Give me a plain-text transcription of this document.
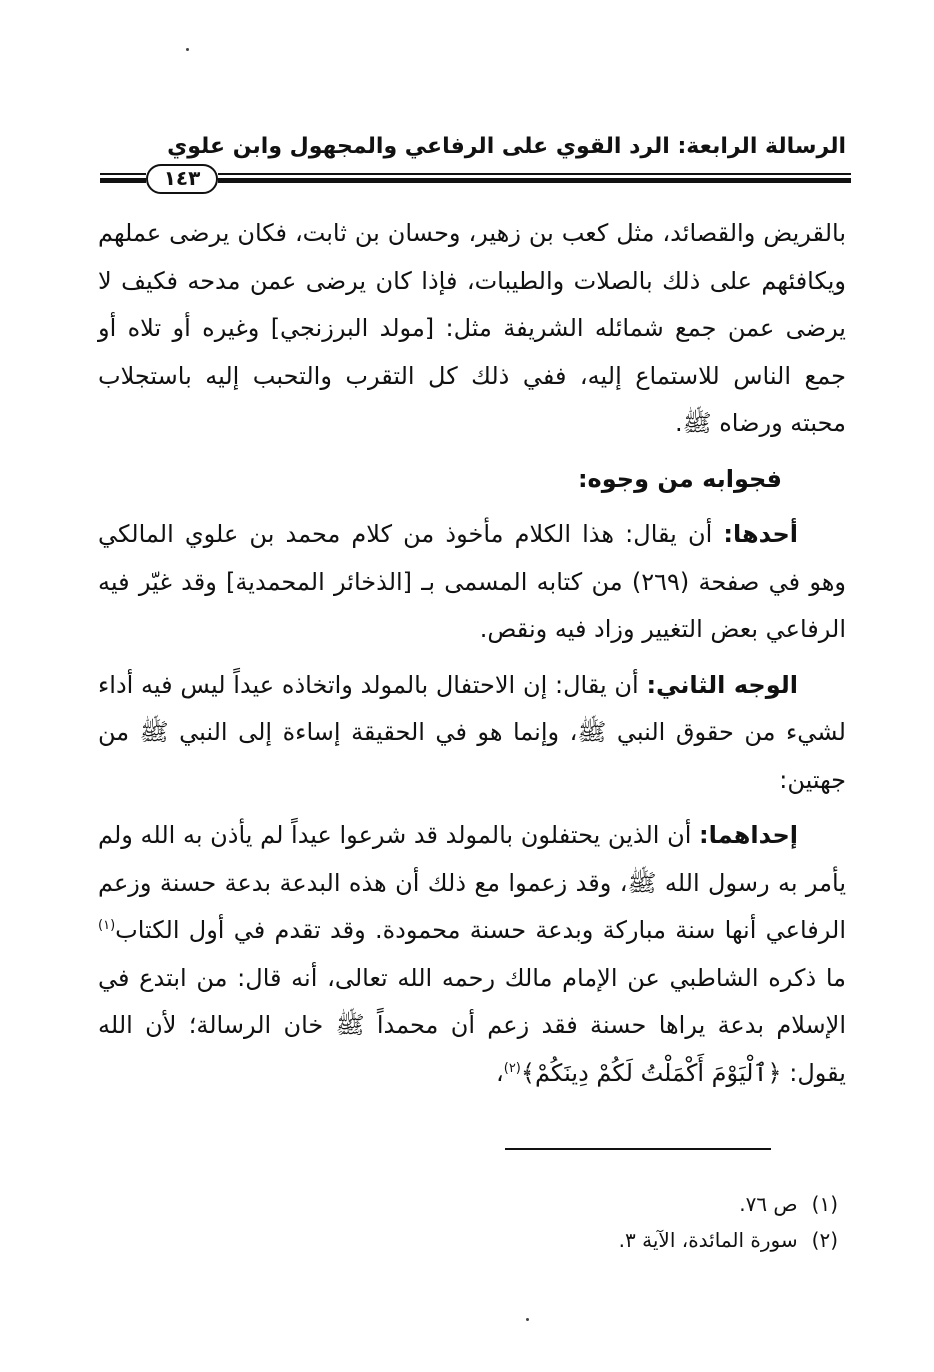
الرسالة الرابعة: الرد القوي على الرفاعي والمجهول وابن علوي
١٤٣

بالقريض والقصائد، مثل كعب بن زهير، وحسان بن ثابت، فكان يرضى عملهم ويكافئهم على ذلك بالصلات والطيبات، فإذا كان يرضى عمن مدحه فكيف لا يرضى عمن جمع شمائله الشريفة مثل: [مولد البرزنجي] وغيره أو تلاه أو جمع الناس للاستماع إليه، ففي ذلك كل التقرب والتحبب إليه باستجلاب محبته ورضاه ﷺ.

فجوابه من وجوه:

أحدها: أن يقال: هذا الكلام مأخوذ من كلام محمد بن علوي المالكي وهو في صفحة (٢٦٩) من كتابه المسمى بـ [الذخائر المحمدية] وقد غيّر فيه الرفاعي بعض التغيير وزاد فيه ونقص.

الوجه الثاني: أن يقال: إن الاحتفال بالمولد واتخاذه عيداً ليس فيه أداء لشيء من حقوق النبي ﷺ، وإنما هو في الحقيقة إساءة إلى النبي ﷺ من جهتين:

إحداهما: أن الذين يحتفلون بالمولد قد شرعوا عيداً لم يأذن به الله ولم يأمر به رسول الله ﷺ، وقد زعموا مع ذلك أن هذه البدعة بدعة حسنة وزعم الرفاعي أنها سنة مباركة وبدعة حسنة محمودة. وقد تقدم في أول الكتاب$^{(١)}$ ما ذكره الشاطبي عن الإمام مالك رحمه الله تعالى، أنه قال: من ابتدع في الإسلام بدعة يراها حسنة فقد زعم أن محمداً ﷺ خان الرسالة؛ لأن الله يقول: ﴿ٱلْيَوْمَ أَكْمَلْتُ لَكُمْ دِينَكُمْ﴾$^{(٢)}$،

(١)ص ٧٦.

(٢)سورة المائدة، الآية ٣.
